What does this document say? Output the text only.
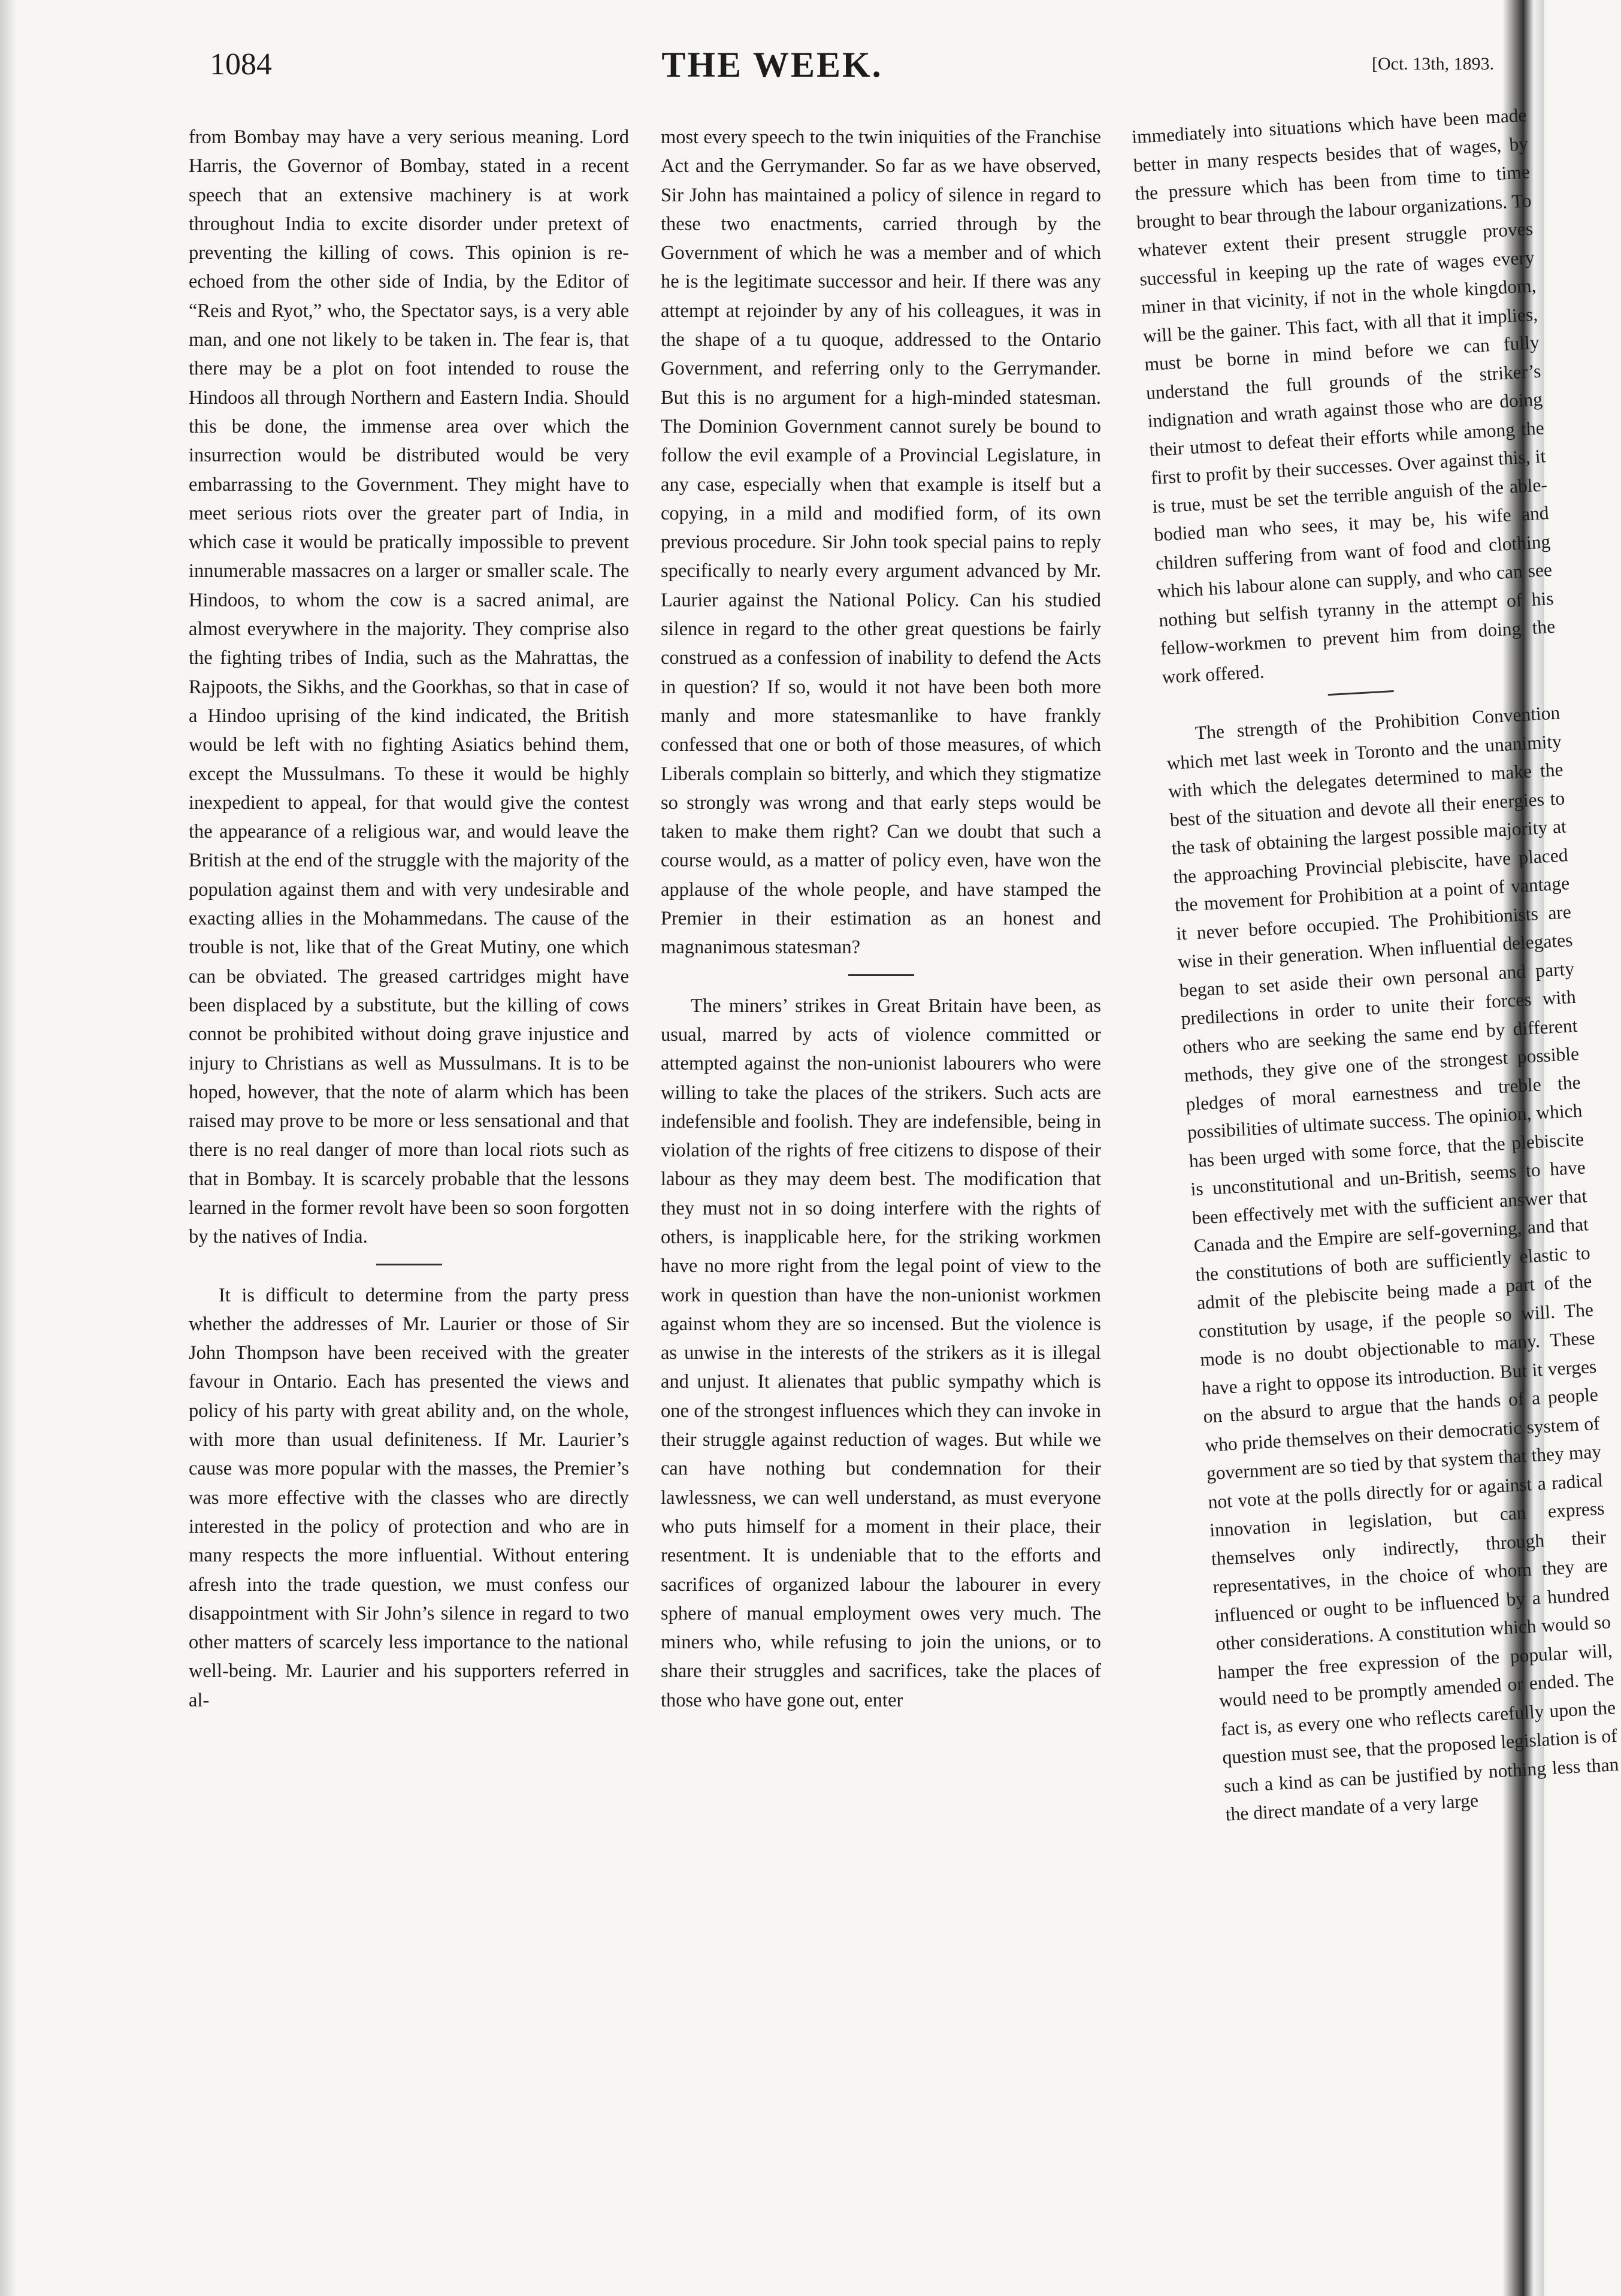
1084	THE WEEK.	[Oct. 13th, 1893.

from Bombay may have a very serious meaning. Lord Harris, the Governor of Bombay, stated in a recent speech that an extensive machinery is at work throughout India to excite disorder under pretext of preventing the killing of cows. This opinion is re-echoed from the other side of India, by the Editor of “Reis and Ryot,” who, the Spectator says, is a very able man, and one not likely to be taken in. The fear is, that there may be a plot on foot intended to rouse the Hindoos all through Northern and Eastern India. Should this be done, the immense area over which the insurrection would be distributed would be very embarrassing to the Government. They might have to meet serious riots over the greater part of India, in which case it would be pratically impossible to prevent innumerable massacres on a larger or smaller scale. The Hindoos, to whom the cow is a sacred animal, are almost everywhere in the majority. They comprise also the fighting tribes of India, such as the Mahrattas, the Rajpoots, the Sikhs, and the Goorkhas, so that in case of a Hindoo uprising of the kind indicated, the British would be left with no fighting Asiatics behind them, except the Mussulmans. To these it would be highly inexpedient to appeal, for that would give the contest the appearance of a religious war, and would leave the British at the end of the struggle with the majority of the population against them and with very undesirable and exacting allies in the Mohammedans. The cause of the trouble is not, like that of the Great Mutiny, one which can be obviated. The greased cartridges might have been displaced by a substitute, but the killing of cows connot be prohibited without doing grave injustice and injury to Christians as well as Mussulmans. It is to be hoped, however, that the note of alarm which has been raised may prove to be more or less sensational and that there is no real danger of more than local riots such as that in Bombay. It is scarcely probable that the lessons learned in the former revolt have been so soon forgotten by the natives of India.

It is difficult to determine from the party press whether the addresses of Mr. Laurier or those of Sir John Thompson have been received with the greater favour in Ontario. Each has presented the views and policy of his party with great ability and, on the whole, with more than usual definiteness. If Mr. Laurier’s cause was more popular with the masses, the Premier’s was more effective with the classes who are directly interested in the policy of protection and who are in many respects the more influential. Without entering afresh into the trade question, we must confess our disappointment with Sir John’s silence in regard to two other matters of scarcely less importance to the national well-being. Mr. Laurier and his supporters referred in al-

most every speech to the twin iniquities of the Franchise Act and the Gerrymander. So far as we have observed, Sir John has maintained a policy of silence in regard to these two enactments, carried through by the Government of which he was a member and of which he is the legitimate successor and heir. If there was any attempt at rejoinder by any of his colleagues, it was in the shape of a tu quoque, addressed to the Ontario Government, and referring only to the Gerrymander. But this is no argument for a high-minded statesman. The Dominion Government cannot surely be bound to follow the evil example of a Provincial Legislature, in any case, especially when that example is itself but a copying, in a mild and modified form, of its own previous procedure. Sir John took special pains to reply specifically to nearly every argument advanced by Mr. Laurier against the National Policy. Can his studied silence in regard to the other great questions be fairly construed as a confession of inability to defend the Acts in question? If so, would it not have been both more manly and more statesmanlike to have frankly confessed that one or both of those measures, of which Liberals complain so bitterly, and which they stigmatize so strongly was wrong and that early steps would be taken to make them right? Can we doubt that such a course would, as a matter of policy even, have won the applause of the whole people, and have stamped the Premier in their estimation as an honest and magnanimous statesman?

The miners’ strikes in Great Britain have been, as usual, marred by acts of violence committed or attempted against the non-unionist labourers who were willing to take the places of the strikers. Such acts are indefensible and foolish. They are indefensible, being in violation of the rights of free citizens to dispose of their labour as they may deem best. The modification that they must not in so doing interfere with the rights of others, is inapplicable here, for the striking workmen have no more right from the legal point of view to the work in question than have the non-unionist workmen against whom they are so incensed. But the violence is as unwise in the interests of the strikers as it is illegal and unjust. It alienates that public sympathy which is one of the strongest influences which they can invoke in their struggle against reduction of wages. But while we can have nothing but condemnation for their lawlessness, we can well understand, as must everyone who puts himself for a moment in their place, their resentment. It is undeniable that to the efforts and sacrifices of organized labour the labourer in every sphere of manual employment owes very much. The miners who, while refusing to join the unions, or to share their struggles and sacrifices, take the places of those who have gone out, enter

immediately into situations which have been made better in many respects besides that of wages, by the pressure which has been from time to time brought to bear through the labour organizations. To whatever extent their present struggle proves successful in keeping up the rate of wages every miner in that vicinity, if not in the whole kingdom, will be the gainer. This fact, with all that it implies, must be borne in mind before we can fully understand the full grounds of the striker’s indignation and wrath against those who are doing their utmost to defeat their efforts while among the first to profit by their successes. Over against this, it is true, must be set the terrible anguish of the able-bodied man who sees, it may be, his wife and children suffering from want of food and clothing which his labour alone can supply, and who can see nothing but selfish tyranny in the attempt of his fellow-workmen to prevent him from doing the work offered.

The strength of the Prohibition Convention which met last week in Toronto and the unanimity with which the delegates determined to make the best of the situation and devote all their energies to the task of obtaining the largest possible majority at the approaching Provincial plebiscite, have placed the movement for Prohibition at a point of vantage it never before occupied. The Prohibitionists are wise in their generation. When influential delegates began to set aside their own personal and party predilections in order to unite their forces with others who are seeking the same end by different methods, they give one of the strongest possible pledges of moral earnestness and treble the possibilities of ultimate success. The opinion, which has been urged with some force, that the plebiscite is unconstitutional and un-British, seems to have been effectively met with the sufficient answer that Canada and the Empire are self-governing, and that the constitutions of both are sufficiently elastic to admit of the plebiscite being made a part of the constitution by usage, if the people so will. The mode is no doubt objectionable to many. These have a right to oppose its introduction. But it verges on the absurd to argue that the hands of a people who pride themselves on their democratic system of government are so tied by that system that they may not vote at the polls directly for or against a radical innovation in legislation, but can express themselves only indirectly, through their representatives, in the choice of whom they are influenced or ought to be influenced by a hundred other considerations. A constitution which would so hamper the free expression of the popular will, would need to be promptly amended or ended. The fact is, as every one who reflects carefully upon the question must see, that the proposed legislation is of such a kind as can be justified by nothing less than the direct mandate of a very large
